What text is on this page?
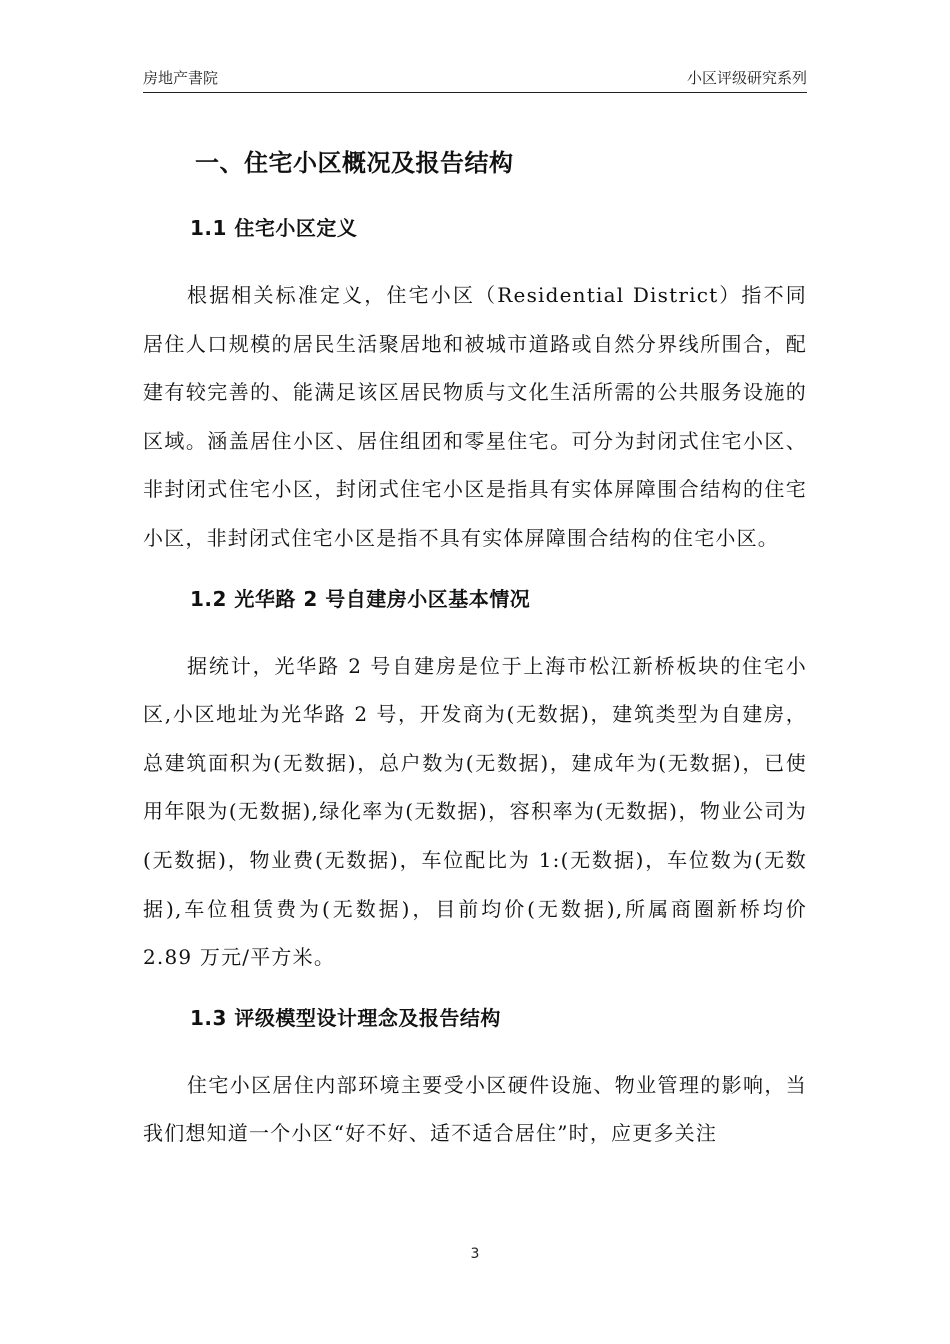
房地产書院	小区评级研究系列
一、住宅小区概况及报告结构
1.1 住宅小区定义

根据相关标准定义，住宅小区（Residential District）指不同居住人口规模的居民生活聚居地和被城市道路或自然分界线所围合，配建有较完善的、能满足该区居民物质与文化生活所需的公共服务设施的区域。涵盖居住小区、居住组团和零星住宅。可分为封闭式住宅小区、非封闭式住宅小区，封闭式住宅小区是指具有实体屏障围合结构的住宅小区，非封闭式住宅小区是指不具有实体屏障围合结构的住宅小区。

1.2 光华路 2 号自建房小区基本情况

据统计，光华路 2 号自建房是位于上海市松江新桥板块的住宅小区,小区地址为光华路 2 号，开发商为(无数据)，建筑类型为自建房，总建筑面积为(无数据)，总户数为(无数据)，建成年为(无数据)，已使用年限为(无数据),绿化率为(无数据)，容积率为(无数据)，物业公司为(无数据)，物业费(无数据)，车位配比为 1:(无数据)，车位数为(无数据),车位租赁费为(无数据)，目前均价(无数据),所属商圈新桥均价 2.89 万元/平方米。

1.3 评级模型设计理念及报告结构

住宅小区居住内部环境主要受小区硬件设施、物业管理的影响，当我们想知道一个小区“好不好、适不适合居住”时，应更多关注

3
